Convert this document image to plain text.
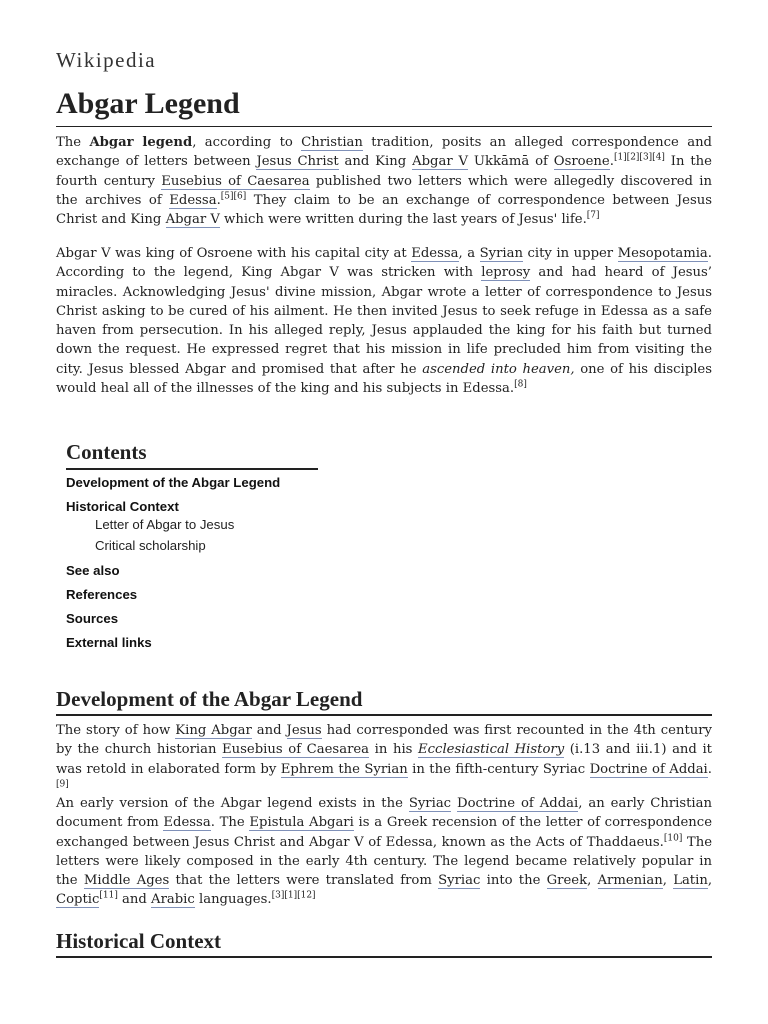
Wikipedia
Abgar Legend
The Abgar legend, according to Christian tradition, posits an alleged correspondence and exchange of letters between Jesus Christ and King Abgar V Ukkāmā of Osroene.[1][2][3][4] In the fourth century Eusebius of Caesarea published two letters which were allegedly discovered in the archives of Edessa.[5][6] They claim to be an exchange of correspondence between Jesus Christ and King Abgar V which were written during the last years of Jesus' life.[7]
Abgar V was king of Osroene with his capital city at Edessa, a Syrian city in upper Mesopotamia. According to the legend, King Abgar V was stricken with leprosy and had heard of Jesus’ miracles. Acknowledging Jesus' divine mission, Abgar wrote a letter of correspondence to Jesus Christ asking to be cured of his ailment. He then invited Jesus to seek refuge in Edessa as a safe haven from persecution. In his alleged reply, Jesus applauded the king for his faith but turned down the request. He expressed regret that his mission in life precluded him from visiting the city. Jesus blessed Abgar and promised that after he ascended into heaven, one of his disciples would heal all of the illnesses of the king and his subjects in Edessa.[8]
Contents
Development of the Abgar Legend
Historical Context
Letter of Abgar to Jesus
Critical scholarship
See also
References
Sources
External links
Development of the Abgar Legend
The story of how King Abgar and Jesus had corresponded was first recounted in the 4th century by the church historian Eusebius of Caesarea in his Ecclesiastical History (i.13 and iii.1) and it was retold in elaborated form by Ephrem the Syrian in the fifth-century Syriac Doctrine of Addai.[9]
An early version of the Abgar legend exists in the Syriac Doctrine of Addai, an early Christian document from Edessa. The Epistula Abgari is a Greek recension of the letter of correspondence exchanged between Jesus Christ and Abgar V of Edessa, known as the Acts of Thaddaeus.[10] The letters were likely composed in the early 4th century. The legend became relatively popular in the Middle Ages that the letters were translated from Syriac into the Greek, Armenian, Latin, Coptic[11] and Arabic languages.[3][1][12]
Historical Context
